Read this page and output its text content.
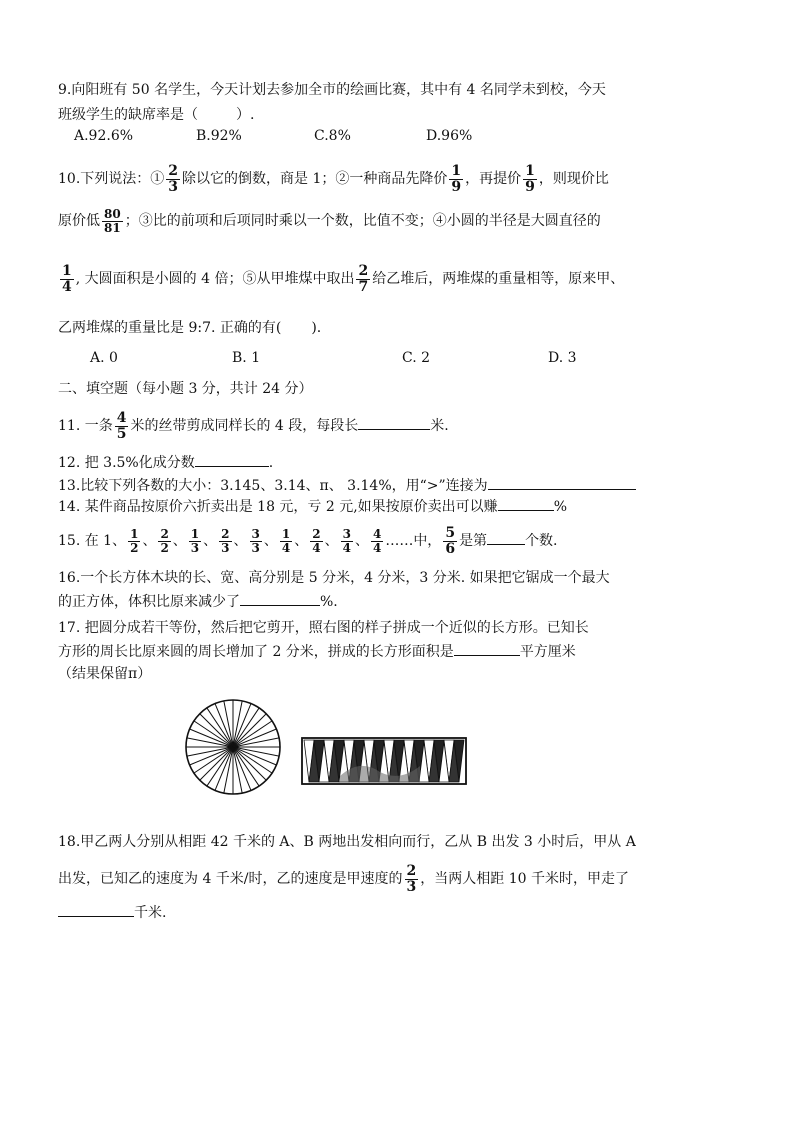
9.向阳班有 50 名学生，今天计划去参加全市的绘画比赛，其中有 4 名同学未到校，今天
班级学生的缺席率是（	）.
A.92.6%	B.92%	C.8%	D.96%
10.下列说法：① $\frac{2}{3}$ 除以它的倒数，商是 1；②一种商品先降价 $\frac{1}{9}$ ，再提价 $\frac{1}{9}$ ，则现价比
原价低 $\frac{80}{81}$ ；③比的前项和后项同时乘以一个数，比值不变；④小圆的半径是大圆直径的
$\frac{1}{4}$ , 大圆面积是小圆的 4 倍；⑤从甲堆煤中取出 $\frac{2}{7}$ 给乙堆后，两堆煤的重量相等，原来甲、
乙两堆煤的重量比是 9:7. 正确的有( ).
A. 0	B. 1	C. 2	D. 3
二、填空题（每小题 3 分，共计 24 分）
11. 一条 $\frac{4}{5}$ 米的丝带剪成同样长的 4 段，每段长	米.
12. 把 3.5%化成分数	.
13.比较下列各数的大小：3.145、3.14、π、 3.14%，用“>”连接为
14. 某件商品按原价六折卖出是 18 元，亏 2 元,如果按原价卖出可以赚	%
15. 在 1、 $\frac{1}{2}$ 、 $\frac{2}{2}$ 、 $\frac{1}{3}$ 、 $\frac{2}{3}$ 、 $\frac{3}{3}$ 、 $\frac{1}{4}$ 、 $\frac{2}{4}$ 、 $\frac{3}{4}$ 、 $\frac{4}{4}$ ……中， $\frac{5}{6}$ 是第	个数.
16.一个长方体木块的长、宽、高分别是 5 分米，4 分米，3 分米. 如果把它锯成一个最大
的正方体，体积比原来减少了	%.
17. 把圆分成若干等份，然后把它剪开，照右图的样子拼成一个近似的长方形。已知长
方形的周长比原来圆的周长增加了 2 分米，拼成的长方形面积是	平方厘米
（结果保留π）
18.甲乙两人分别从相距 42 千米的 A、B 两地出发相向而行，乙从 B 出发 3 小时后，甲从 A
出发，已知乙的速度为 4 千米/时，乙的速度是甲速度的 $\frac{2}{3}$ ，当两人相距 10 千米时，甲走了
千米.
